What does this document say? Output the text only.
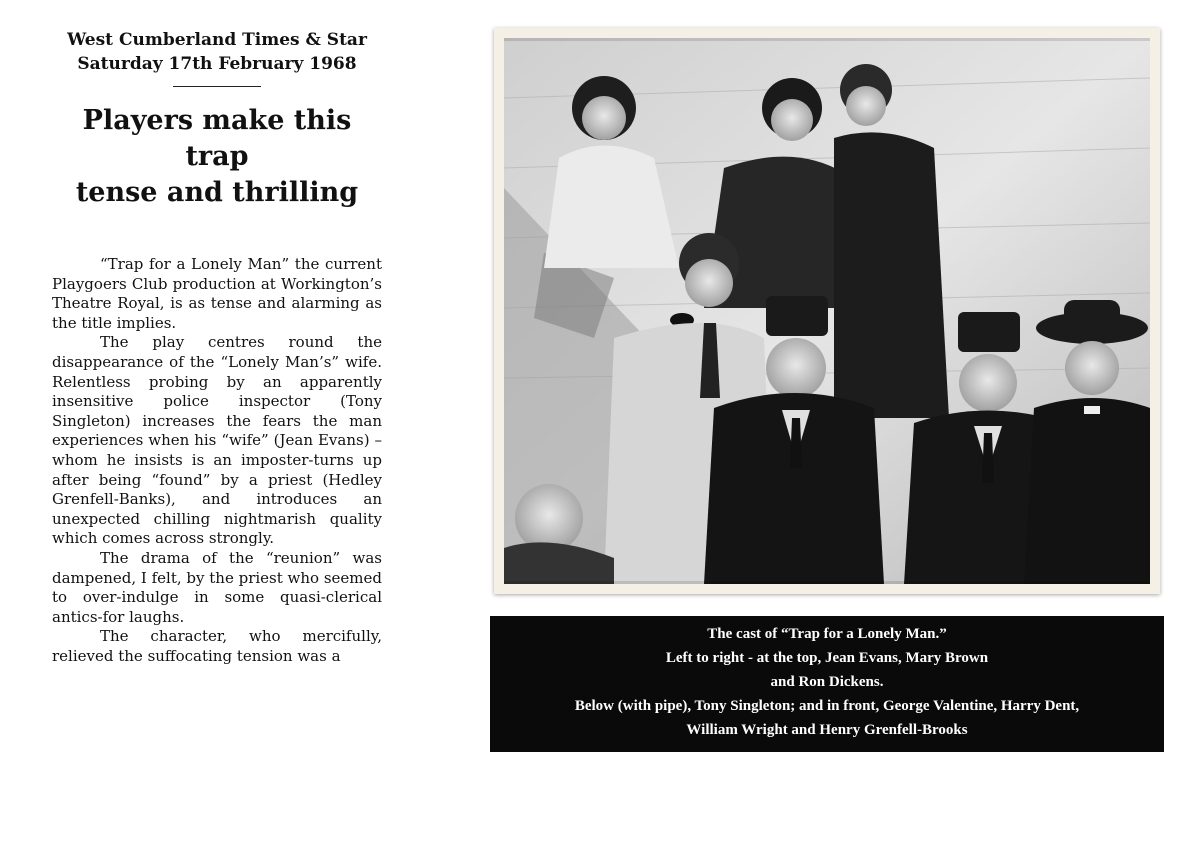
West Cumberland Times & Star
Saturday 17th February 1968
Players make this trap
tense and thrilling

“Trap for a Lonely Man” the current Playgoers Club production at Workington’s Theatre Royal, is as tense and alarming as the title implies.

The play centres round the disappearance of the “Lonely Man’s” wife. Relentless probing by an apparently insensitive police inspector (Tony Singleton) increases the fears the man experiences when his “wife” (Jean Evans) –whom he insists is an imposter-turns up after being “found” by a priest (Hedley Grenfell-Banks), and introduces an unexpected chilling nightmarish quality which comes across strongly.

The drama of the “reunion” was dampened, I felt, by the priest who seemed to over-indulge in some quasi-clerical antics-for laughs.

The character, who mercifully, relieved the suffocating tension was a

The cast of “Trap for a Lonely Man.”
Left to right - at the top, Jean Evans, Mary Brown
and Ron Dickens.
Below (with pipe), Tony Singleton; and in front, George Valentine, Harry Dent,
William Wright and Henry Grenfell-Brooks
